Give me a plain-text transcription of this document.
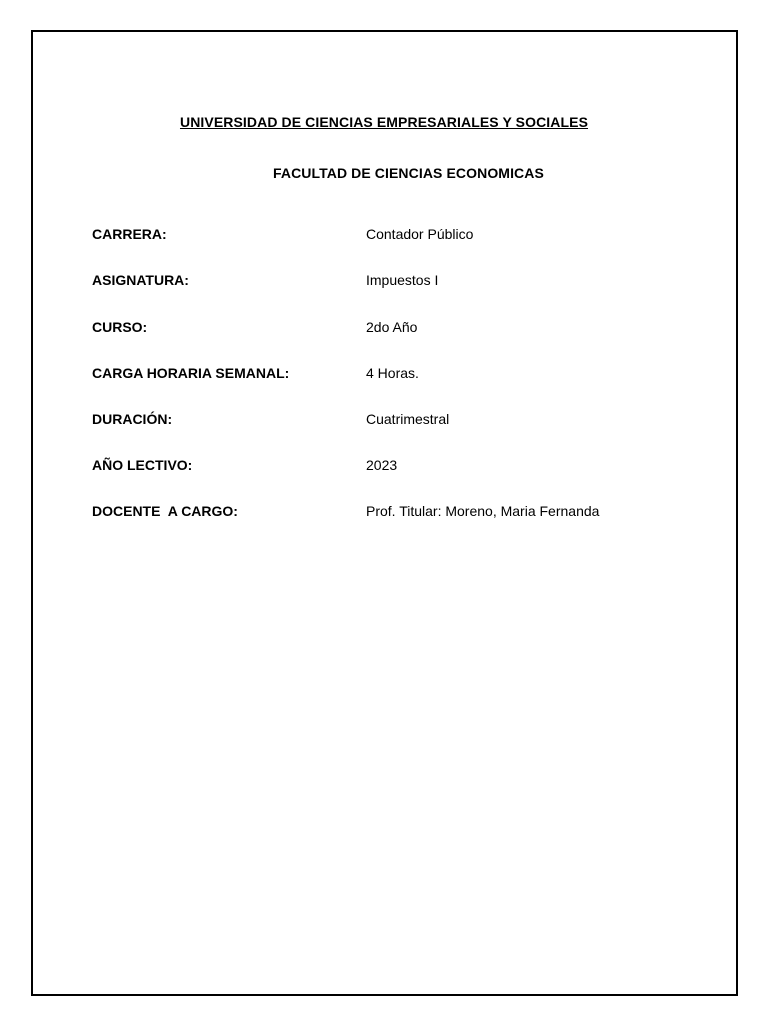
UNIVERSIDAD DE CIENCIAS EMPRESARIALES Y SOCIALES
FACULTAD DE CIENCIAS ECONOMICAS
CARRERA:	Contador Público
ASIGNATURA:	Impuestos I
CURSO:	2do Año
CARGA HORARIA SEMANAL:	4 Horas.
DURACIÓN:	Cuatrimestral
AÑO LECTIVO:	2023
DOCENTE  A CARGO:	Prof. Titular: Moreno, Maria Fernanda
